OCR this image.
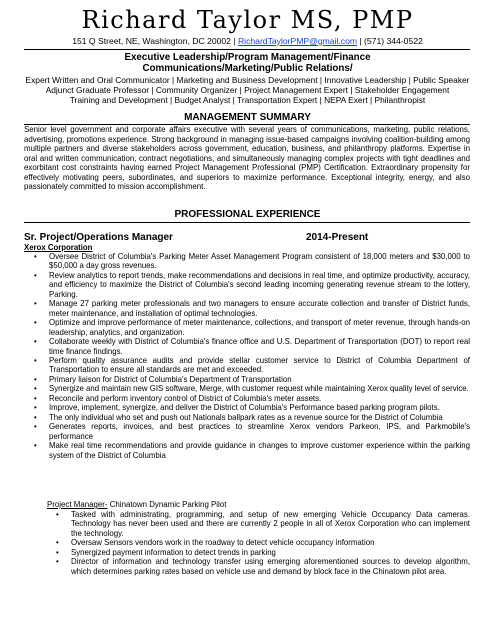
Richard Taylor MS, PMP
151 Q Street, NE, Washington, DC 20002 | RichardTaylorPMP@gmail.com | (571) 344-0522
Executive Leadership/Program Management/Finance
Communications/Marketing/Public Relations/
Expert Written and Oral Communicator | Marketing and Business Development | Innovative Leadership | Public Speaker
Adjunct Graduate Professor | Community Organizer | Project Management Expert | Stakeholder Engagement
Training and Development | Budget Analyst | Transportation Expert | NEPA Exert | Philanthropist
MANAGEMENT SUMMARY

Senior level government and corporate affairs executive with several years of communications, marketing, public relations, advertising, promotions experience. Strong background in managing issue-based campaigns involving coalition-building among multiple partners and diverse stakeholders across government, education, business, and philanthropy platforms. Expertise in oral and written communication, contract negotiations, and simultaneously managing complex projects with tight deadlines and exorbitant cost constraints having earned Project Management Professional (PMP) Certification. Extraordinary propensity for effectively motivating peers, subordinates, and superiors to maximize performance. Exceptional integrity, energy, and also passionately committed to mission accomplishment.

PROFESSIONAL EXPERIENCE
Sr. Project/Operations Manager	2014-Present
Xerox Corporation
• Oversee District of Columbia's Parking Meter Asset Management Program consistent of 18,000 meters and $30,000 to $50,000 a day gross revenues.
• Review analytics to report trends, make recommendations and decisions in real time, and optimize productivity, accuracy, and efficiency to maximize the District of Columbia's second leading incoming generating revenue stream to the lottery, Parking.
• Manage 27 parking meter professionals and two managers to ensure accurate collection and transfer of District funds, meter maintenance, and installation of optimal technologies.
• Optimize and improve performance of meter maintenance, collections, and transport of meter revenue, through hands-on leadership, analytics, and organization.
• Collaborate weekly with District of Columbia's finance office and U.S. Department of Transportation (DOT) to report real time finance findings.
• Perform quality assurance audits and provide stellar customer service to District of Columbia Department of Transportation to ensure all standards are met and exceeded.
• Primary liaison for District of Columbia's Department of Transportation
• Synergize and maintain new GIS software, Merge, with customer request while maintaining Xerox quality level of service.
• Reconcile and perform inventory control of District of Columbia's meter assets.
• Improve, implement, synergize, and deliver the District of Columbia's Performance based parking program pilots.
• The only individual who set and push out Nationals ballpark rates as a revenue source for the District of Columbia
• Generates reports, invoices, and best practices to streamline Xerox vendors Parkeon, IPS, and Parkmobile's performance
• Make real time recommendations and provide guidance in changes to improve customer experience within the parking system of the District of Columbia
Project Manager- Chinatown Dynamic Parking Pilot
• Tasked with administrating, programming, and setup of new emerging Vehicle Occupancy Data cameras. Technology has never been used and there are currently 2 people in all of Xerox Corporation who can implement the technology.
• Oversaw Sensors vendors work in the roadway to detect vehicle occupancy information
• Synergized payment information to detect trends in parking
• Director of information and technology transfer using emerging aforementioned sources to develop algorithm, which determines parking rates based on vehicle use and demand by block face in the Chinatown pilot area.
